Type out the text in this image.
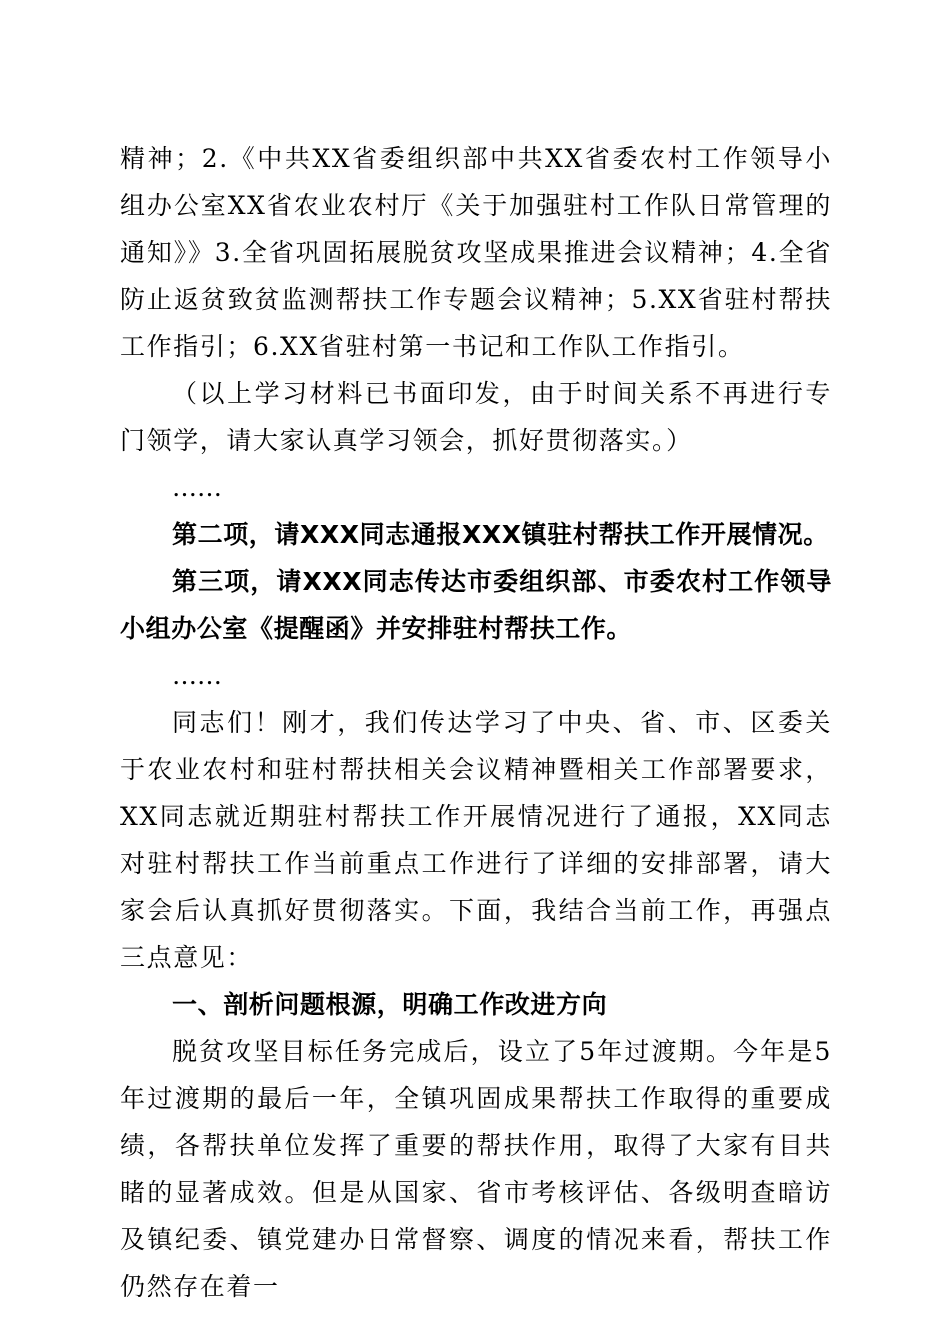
精神；2.《中共XX省委组织部中共XX省委农村工作领导小组办公室XX省农业农村厅《关于加强驻村工作队日常管理的通知》》3.全省巩固拓展脱贫攻坚成果推进会议精神；4.全省防止返贫致贫监测帮扶工作专题会议精神；5.XX省驻村帮扶工作指引；6.XX省驻村第一书记和工作队工作指引。

（以上学习材料已书面印发，由于时间关系不再进行专门领学，请大家认真学习领会，抓好贯彻落实。）

……

第二项，请XXX同志通报XXX镇驻村帮扶工作开展情况。

第三项，请XXX同志传达市委组织部、市委农村工作领导小组办公室《提醒函》并安排驻村帮扶工作。

……

同志们！刚才，我们传达学习了中央、省、市、区委关于农业农村和驻村帮扶相关会议精神暨相关工作部署要求，XX同志就近期驻村帮扶工作开展情况进行了通报，XX同志对驻村帮扶工作当前重点工作进行了详细的安排部署，请大家会后认真抓好贯彻落实。下面，我结合当前工作，再强点三点意见：

一、剖析问题根源，明确工作改进方向

脱贫攻坚目标任务完成后，设立了5年过渡期。今年是5年过渡期的最后一年，全镇巩固成果帮扶工作取得的重要成绩，各帮扶单位发挥了重要的帮扶作用，取得了大家有目共睹的显著成效。但是从国家、省市考核评估、各级明查暗访及镇纪委、镇党建办日常督察、调度的情况来看，帮扶工作仍然存在着一
